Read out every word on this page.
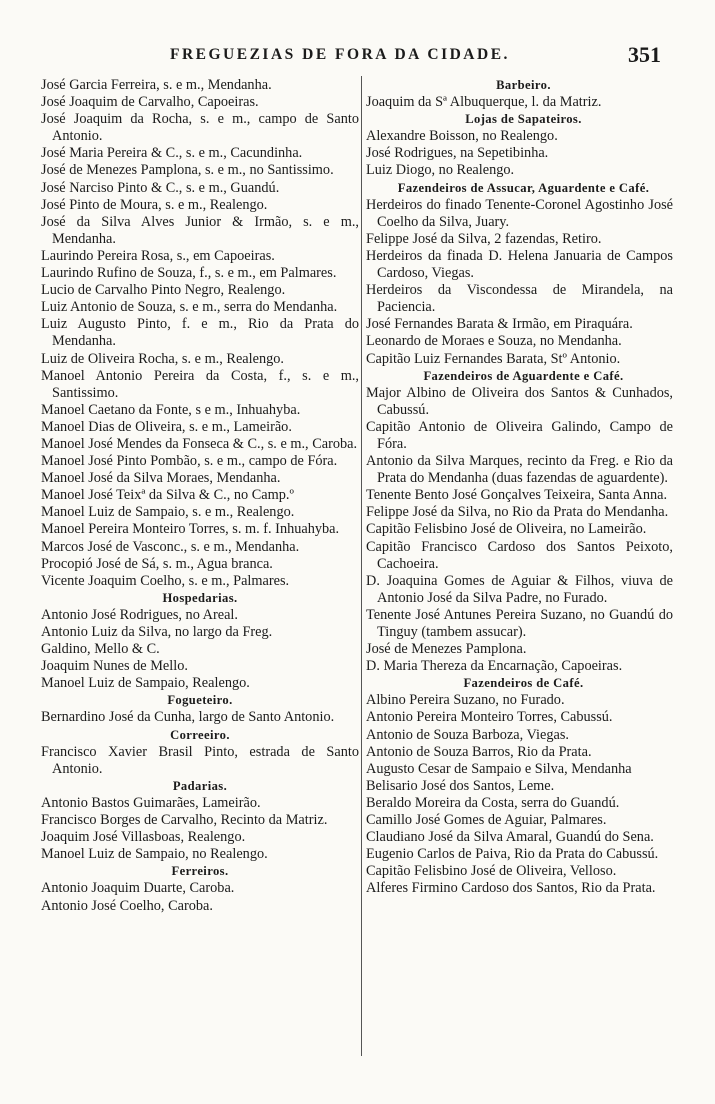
FREGUEZIAS DE FORA DA CIDADE.	351
José Garcia Ferreira, s. e m., Mendanha.
José Joaquim de Carvalho, Capoeiras.
José Joaquim da Rocha, s. e m., campo de Santo Antonio.
José Maria Pereira & C., s. e m., Cacundinha.
José de Menezes Pamplona, s. e m., no Santissimo.
José Narciso Pinto & C., s. e m., Guandú.
José Pinto de Moura, s. e m., Realengo.
José da Silva Alves Junior & Irmão, s. e m., Mendanha.
Laurindo Pereira Rosa, s., em Capoeiras.
Laurindo Rufino de Souza, f., s. e m., em Palmares.
Lucio de Carvalho Pinto Negro, Realengo.
Luiz Antonio de Souza, s. e m., serra do Mendanha.
Luiz Augusto Pinto, f. e m., Rio da Prata do Mendanha.
Luiz de Oliveira Rocha, s. e m., Realengo.
Manoel Antonio Pereira da Costa, f., s. e m., Santissimo.
Manoel Caetano da Fonte, s e m., Inhuahyba.
Manoel Dias de Oliveira, s. e m., Lameirão.
Manoel José Mendes da Fonseca & C., s. e m., Caroba.
Manoel José Pinto Pombão, s. e m., campo de Fóra.
Manoel José da Silva Moraes, Mendanha.
Manoel José Teixª da Silva & C., no Camp.º
Manoel Luiz de Sampaio, s. e m., Realengo.
Manoel Pereira Monteiro Torres, s. m. f. Inhuahyba.
Marcos José de Vasconc., s. e m., Mendanha.
Procopió José de Sá, s. m., Agua branca.
Vicente Joaquim Coelho, s. e m., Palmares.
Hospedarias.
Antonio José Rodrigues, no Areal.
Antonio Luiz da Silva, no largo da Freg.
Galdino, Mello & C.
Joaquim Nunes de Mello.
Manoel Luiz de Sampaio, Realengo.
Fogueteiro.
Bernardino José da Cunha, largo de Santo Antonio.
Correeiro.
Francisco Xavier Brasil Pinto, estrada de Santo Antonio.
Padarias.
Antonio Bastos Guimarães, Lameirão.
Francisco Borges de Carvalho, Recinto da Matriz.
Joaquim José Villasboas, Realengo.
Manoel Luiz de Sampaio, no Realengo.
Ferreiros.
Antonio Joaquim Duarte, Caroba.
Antonio José Coelho, Caroba.
Barbeiro.
Joaquim da Sª Albuquerque, l. da Matriz.
Lojas de Sapateiros.
Alexandre Boisson, no Realengo.
José Rodrigues, na Sepetibinha.
Luiz Diogo, no Realengo.
Fazendeiros de Assucar, Aguardente e Café.
Herdeiros do finado Tenente-Coronel Agostinho José Coelho da Silva, Juary.
Felippe José da Silva, 2 fazendas, Retiro.
Herdeiros da finada D. Helena Januaria de Campos Cardoso, Viegas.
Herdeiros da Viscondessa de Mirandela, na Paciencia.
José Fernandes Barata & Irmão, em Piraquára.
Leonardo de Moraes e Souza, no Mendanha.
Capitão Luiz Fernandes Barata, Stº Antonio.
Fazendeiros de Aguardente e Café.
Major Albino de Oliveira dos Santos & Cunhados, Cabussú.
Capitão Antonio de Oliveira Galindo, Campo de Fóra.
Antonio da Silva Marques, recinto da Freg. e Rio da Prata do Mendanha (duas fazendas de aguardente).
Tenente Bento José Gonçalves Teixeira, Santa Anna.
Felippe José da Silva, no Rio da Prata do Mendanha.
Capitão Felisbino José de Oliveira, no Lameirão.
Capitão Francisco Cardoso dos Santos Peixoto, Cachoeira.
D. Joaquina Gomes de Aguiar & Filhos, viuva de Antonio José da Silva Padre, no Furado.
Tenente José Antunes Pereira Suzano, no Guandú do Tinguy (tambem assucar).
José de Menezes Pamplona.
D. Maria Thereza da Encarnação, Capoeiras.
Fazendeiros de Café.
Albino Pereira Suzano, no Furado.
Antonio Pereira Monteiro Torres, Cabussú.
Antonio de Souza Barboza, Viegas.
Antonio de Souza Barros, Rio da Prata.
Augusto Cesar de Sampaio e Silva, Mendanha
Belisario José dos Santos, Leme.
Beraldo Moreira da Costa, serra do Guandú.
Camillo José Gomes de Aguiar, Palmares.
Claudiano José da Silva Amaral, Guandú do Sena.
Eugenio Carlos de Paiva, Rio da Prata do Cabussú.
Capitão Felisbino José de Oliveira, Velloso.
Alferes Firmino Cardoso dos Santos, Rio da Prata.
